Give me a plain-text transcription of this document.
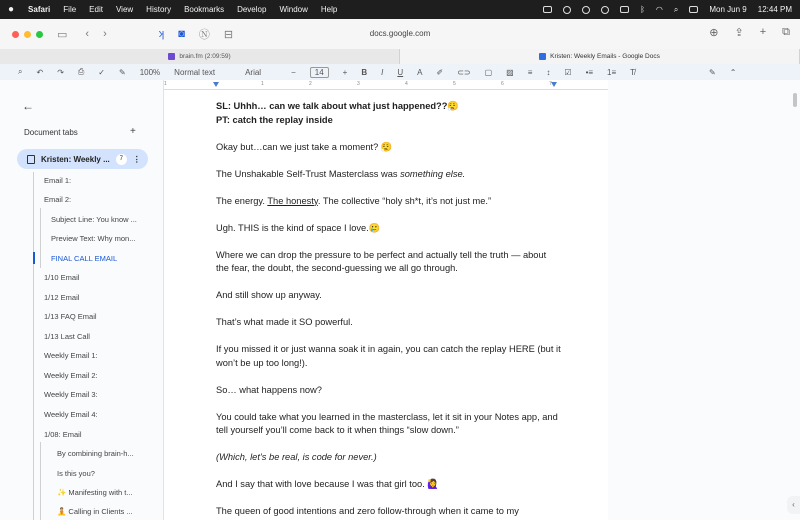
● Safari File Edit View History Bookmarks Develop Window Help	ᛒ ◠ ⌕	Mon Jun 9 12:44 PM
▭ ‹ ›	ʞ ◙ Ⓝ ⊟	docs.google.com	⊕ ⇪ + ⧉
brain.fm (2:09:59)	Kristen: Weekly Emails - Google Docs
⌕ ↶ ↷ ⎙ ✓ ✎ 100% Normal text	Arial	−	14	+ B I U A ✐ ⊂⊃ ▢ ▨ ≡ ↕ ☑ •≡ 1≡ T̸	✎ ⌃
1	1	2	3	4	5	6	7
←
Document tabs	+
Kristen: Weekly ...	7	⋮
Email 1:
Email 2:
Subject Line: You know ...
Preview Text: Why mon...
FINAL CALL EMAIL
1/10 Email
1/12 Email
1/13 FAQ Email
1/13 Last Call
Weekly Email 1:
Weekly Email 2:
Weekly Email 3:
Weekly Email 4:
1/08: Email
By combining brain-h...
Is this you?
✨ Manifesting with t...
🧘 Calling in Clients ...
‹

SL: Uhhh… can we talk about what just happened??😮‍💨

PT: catch the replay inside

Okay but…can we just take a moment? 😮‍💨

The Unshakable Self-Trust Masterclass was something else.

The energy. The honesty. The collective “holy sh*t, it’s not just me.”

Ugh. THIS is the kind of space I love.🥲

Where we can drop the pressure to be perfect and actually tell the truth — about the fear, the doubt, the second-guessing we all go through.

And still show up anyway.

That’s what made it SO powerful.

If you missed it or just wanna soak it in again, you can catch the replay HERE (but it won’t be up too long!).

So… what happens now?

You could take what you learned in the masterclass, let it sit in your Notes app, and tell yourself you’ll come back to it when things “slow down.”

(Which, let’s be real, is code for never.)

And I say that with love because I was that girl too. 🙋‍♀️

The queen of good intentions and zero follow-through when it came to my
